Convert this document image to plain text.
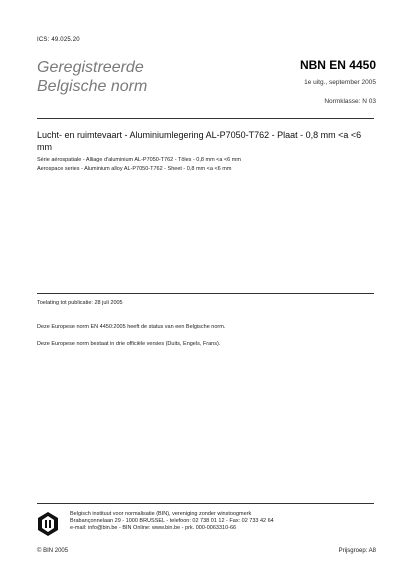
ICS: 49.025.20
Geregistreerde
Belgische norm
NBN EN 4450
1e uitg., september 2005
Normklasse: N 03
Lucht- en ruimtevaart - Aluminiumlegering AL-P7050-T762 - Plaat - 0,8 mm <a <6 mm
Série aérospatiale - Alliage d'aluminium AL-P7050-T762 - Tôles - 0,8 mm <a <6 mm
Aerospace series - Aluminium alloy AL-P7050-T762 - Sheet - 0,8 mm <a <6 mm
Toelating tot publicatie: 28 juli 2005
Deze Europese norm EN 4450:2005 heeft de status van een Belgische norm.
Deze Europese norm bestaat in drie officiële versies (Duits, Engels, Frans).
Belgisch instituut voor normalisatie (BIN), vereniging zonder winstoogmerk
Brabançonnelaan 29 - 1000 BRUSSEL - telefoon: 02 738 01 12 - Fax: 02 733 42 64
e-mail: info@bin.be - BIN Online: www.bin.be - prk. 000-0063310-66
© BIN 2005	Prijsgroep: A8
